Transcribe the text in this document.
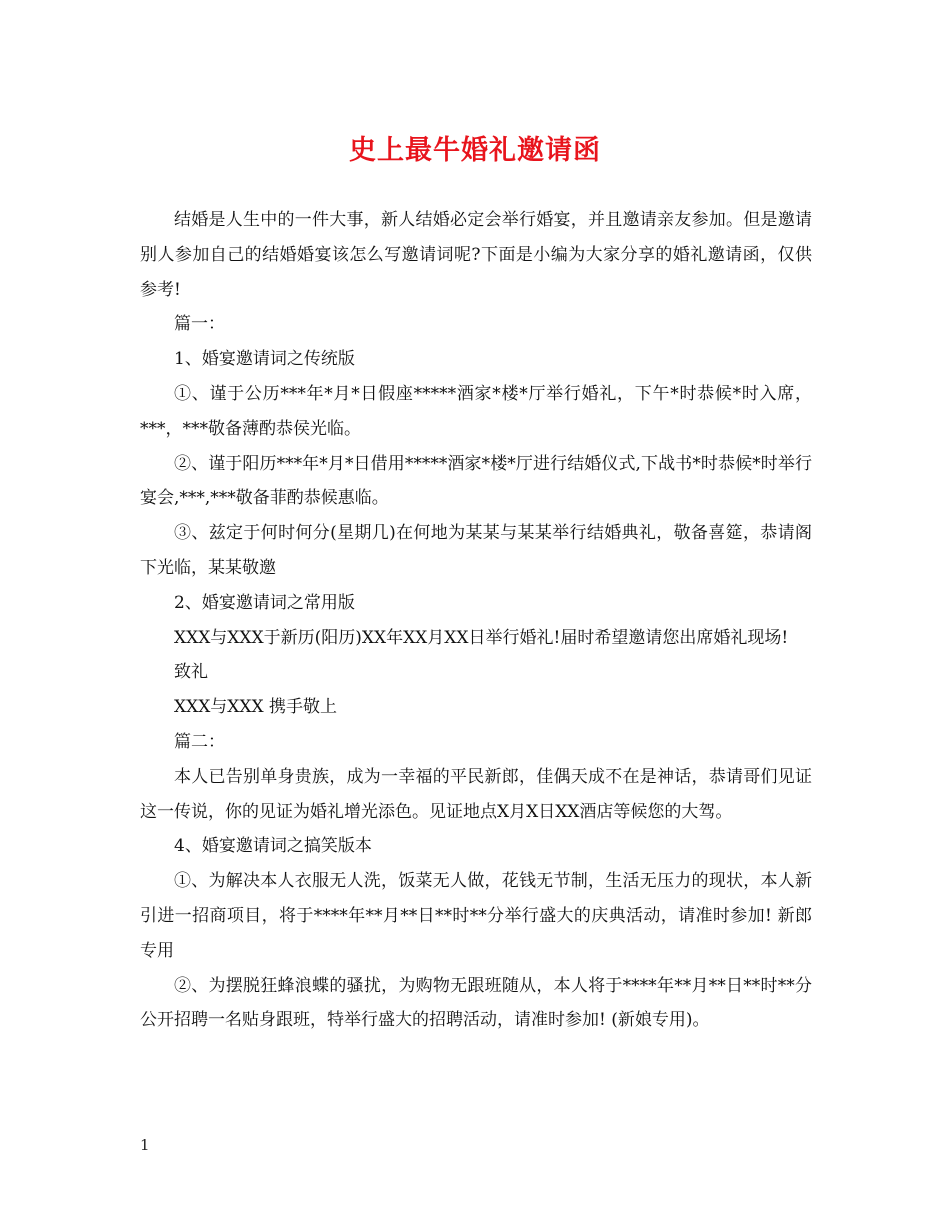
史上最牛婚礼邀请函

结婚是人生中的一件大事，新人结婚必定会举行婚宴，并且邀请亲友参加。但是邀请别人参加自己的结婚婚宴该怎么写邀请词呢?下面是小编为大家分享的婚礼邀请函，仅供参考!

篇一：

1、婚宴邀请词之传统版

①、谨于公历***年*月*日假座*****酒家*楼*厅举行婚礼，下午*时恭候*时入席，***，***敬备薄酌恭侯光临。

②、谨于阳历***年*月*日借用*****酒家*楼*厅进行结婚仪式,下战书*时恭候*时举行宴会,***,***敬备菲酌恭候惠临。

③、兹定于何时何分(星期几)在何地为某某与某某举行结婚典礼，敬备喜筵，恭请阁下光临，某某敬邀

2、婚宴邀请词之常用版

XXX与XXX于新历(阳历)XX年XX月XX日举行婚礼!届时希望邀请您出席婚礼现场!

致礼

XXX与XXX 携手敬上

篇二：

本人已告别单身贵族，成为一幸福的平民新郎，佳偶天成不在是神话，恭请哥们见证这一传说，你的见证为婚礼增光添色。见证地点X月X日XX酒店等候您的大驾。

4、婚宴邀请词之搞笑版本

①、为解决本人衣服无人洗，饭菜无人做，花钱无节制，生活无压力的现状，本人新引进一招商项目，将于****年**月**日**时**分举行盛大的庆典活动，请准时参加! 新郎专用

②、为摆脱狂蜂浪蝶的骚扰，为购物无跟班随从，本人将于****年**月**日**时**分公开招聘一名贴身跟班，特举行盛大的招聘活动，请准时参加! (新娘专用)。

1
